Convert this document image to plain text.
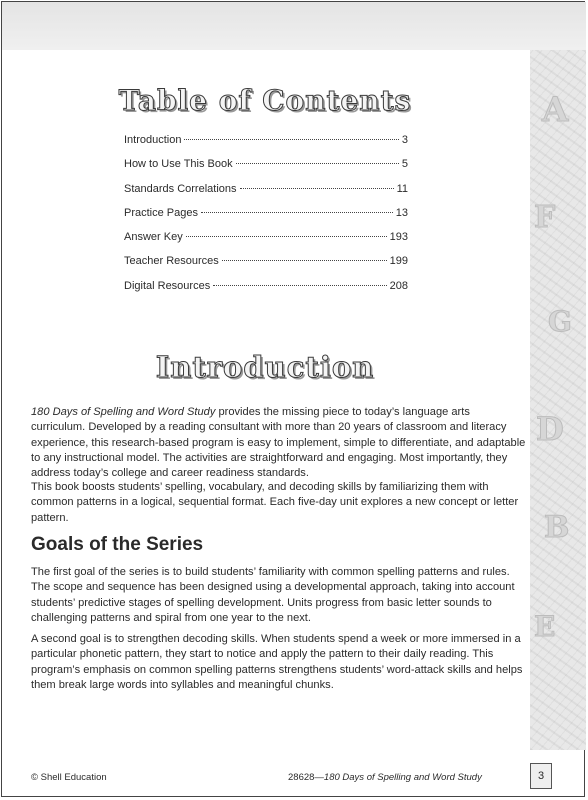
A
F
G
D
B
E
Table of Contents
Introduction	3
How to Use This Book	5
Standards Correlations	11
Practice Pages	13
Answer Key	193
Teacher Resources	199
Digital Resources	208
Introduction

180 Days of Spelling and Word Study provides the missing piece to today’s language arts curriculum. Developed by a reading consultant with more than 20 years of classroom and literacy experience, this research-based program is easy to implement, simple to differentiate, and adaptable to any instructional model. The activities are straightforward and engaging. Most importantly, they address today’s college and career readiness standards.

This book boosts students’ spelling, vocabulary, and decoding skills by familiarizing them with common patterns in a logical, sequential format. Each five-day unit explores a new concept or letter pattern.

Goals of the Series

The first goal of the series is to build students’ familiarity with common spelling patterns and rules. The scope and sequence has been designed using a developmental approach, taking into account students’ predictive stages of spelling development. Units progress from basic letter sounds to challenging patterns and spiral from one year to the next.

A second goal is to strengthen decoding skills. When students spend a week or more immersed in a particular phonetic pattern, they start to notice and apply the pattern to their daily reading. This program’s emphasis on common spelling patterns strengthens students’ word-attack skills and helps them break large words into syllables and meaningful chunks.

© Shell Education	28628—180 Days of Spelling and Word Study	3
